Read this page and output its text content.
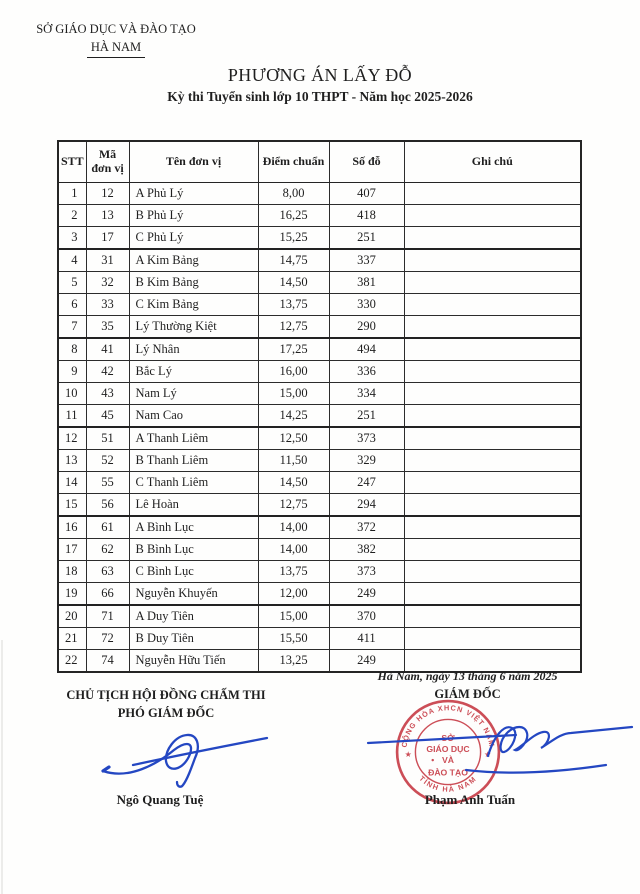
SỞ GIÁO DỤC VÀ ĐÀO TẠO
HÀ NAM
PHƯƠNG ÁN LẤY ĐỖ
Kỳ thi Tuyển sinh lớp 10 THPT - Năm học 2025-2026
STT	Mã đơn vị	Tên đơn vị	Điểm chuẩn	Số đỗ	Ghi chú
1	12	A Phủ Lý	8,00	407	
2	13	B Phủ Lý	16,25	418	
3	17	C Phủ Lý	15,25	251	
4	31	A Kim Bảng	14,75	337	
5	32	B Kim Bảng	14,50	381	
6	33	C Kim Bảng	13,75	330	
7	35	Lý Thường Kiệt	12,75	290	
8	41	Lý Nhân	17,25	494	
9	42	Bắc Lý	16,00	336	
10	43	Nam Lý	15,00	334	
11	45	Nam Cao	14,25	251	
12	51	A Thanh Liêm	12,50	373	
13	52	B Thanh Liêm	11,50	329	
14	55	C Thanh Liêm	14,50	247	
15	56	Lê Hoàn	12,75	294	
16	61	A Bình Lục	14,00	372	
17	62	B Bình Lục	14,00	382	
18	63	C Bình Lục	13,75	373	
19	66	Nguyễn Khuyến	12,00	249	
20	71	A Duy Tiên	15,00	370	
21	72	B Duy Tiên	15,50	411	
22	74	Nguyễn Hữu Tiến	13,25	249	
CHỦ TỊCH HỘI ĐỒNG CHẤM THI
PHÓ GIÁM ĐỐC
Hà Nam, ngày 13 tháng 6 năm 2025
GIÁM ĐỐC
CỘNG HÒA XHCN VIỆT NAM
TỈNH HÀ NAM
★	★
SỞ
GIÁO DỤC
VÀ
ĐÀO TẠO
Ngô Quang Tuệ	Phạm Anh Tuấn
